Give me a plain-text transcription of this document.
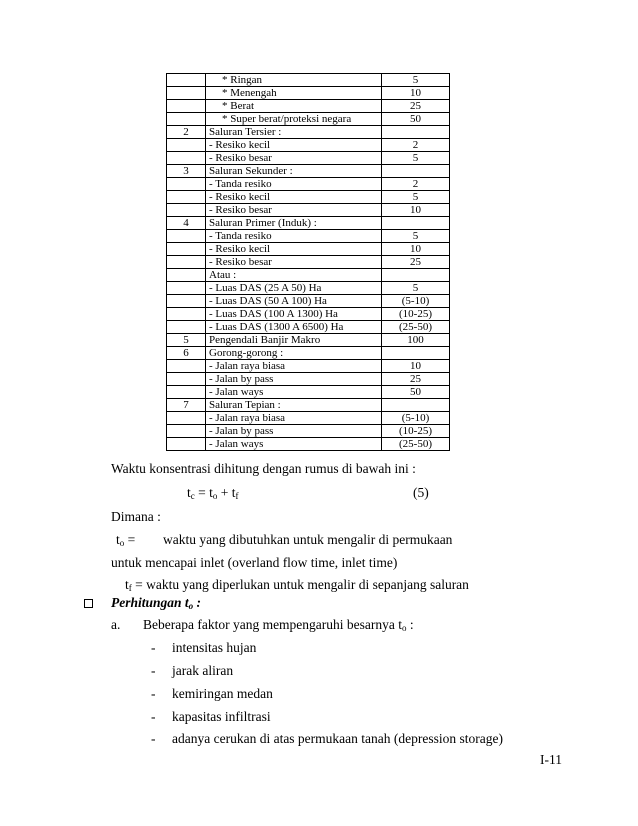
	* Ringan	5
	* Menengah	10
	* Berat	25
	* Super berat/proteksi negara	50
2	Saluran Tersier :	
	- Resiko kecil	2
	- Resiko besar	5
3	Saluran Sekunder :	
	- Tanda resiko	2
	- Resiko kecil	5
	- Resiko besar	10
4	Saluran Primer (Induk) :	
	- Tanda resiko	5
	- Resiko kecil	10
	- Resiko besar	25
	Atau :	
	- Luas DAS (25 A 50) Ha	5
	- Luas DAS (50 A 100) Ha	(5-10)
	- Luas DAS (100 A 1300) Ha	(10-25)
	- Luas DAS (1300 A 6500) Ha	(25-50)
5	Pengendali Banjir Makro	100
6	Gorong-gorong :	
	- Jalan raya biasa	10
	- Jalan by pass	25
	- Jalan ways	50
7	Saluran Tepian :	
	- Jalan raya biasa	(5-10)
	- Jalan by pass	(10-25)
	- Jalan ways	(25-50)
Waktu konsentrasi dihitung dengan rumus di bawah ini :
$t_c = t_o + t_f$	(5)
Dimana :
$t_o$ = waktu yang dibutuhkan untuk mengalir di permukaan
untuk mencapai inlet (overland flow time, inlet time)
$t_f$ = waktu yang diperlukan untuk mengalir di sepanjang saluran
Perhitungan $t_o$ :
a. Beberapa faktor yang mempengaruhi besarnya $t_o$ :
- intensitas hujan
- jarak aliran
- kemiringan medan
- kapasitas infiltrasi
- adanya cerukan di atas permukaan tanah (depression storage)
I-11
